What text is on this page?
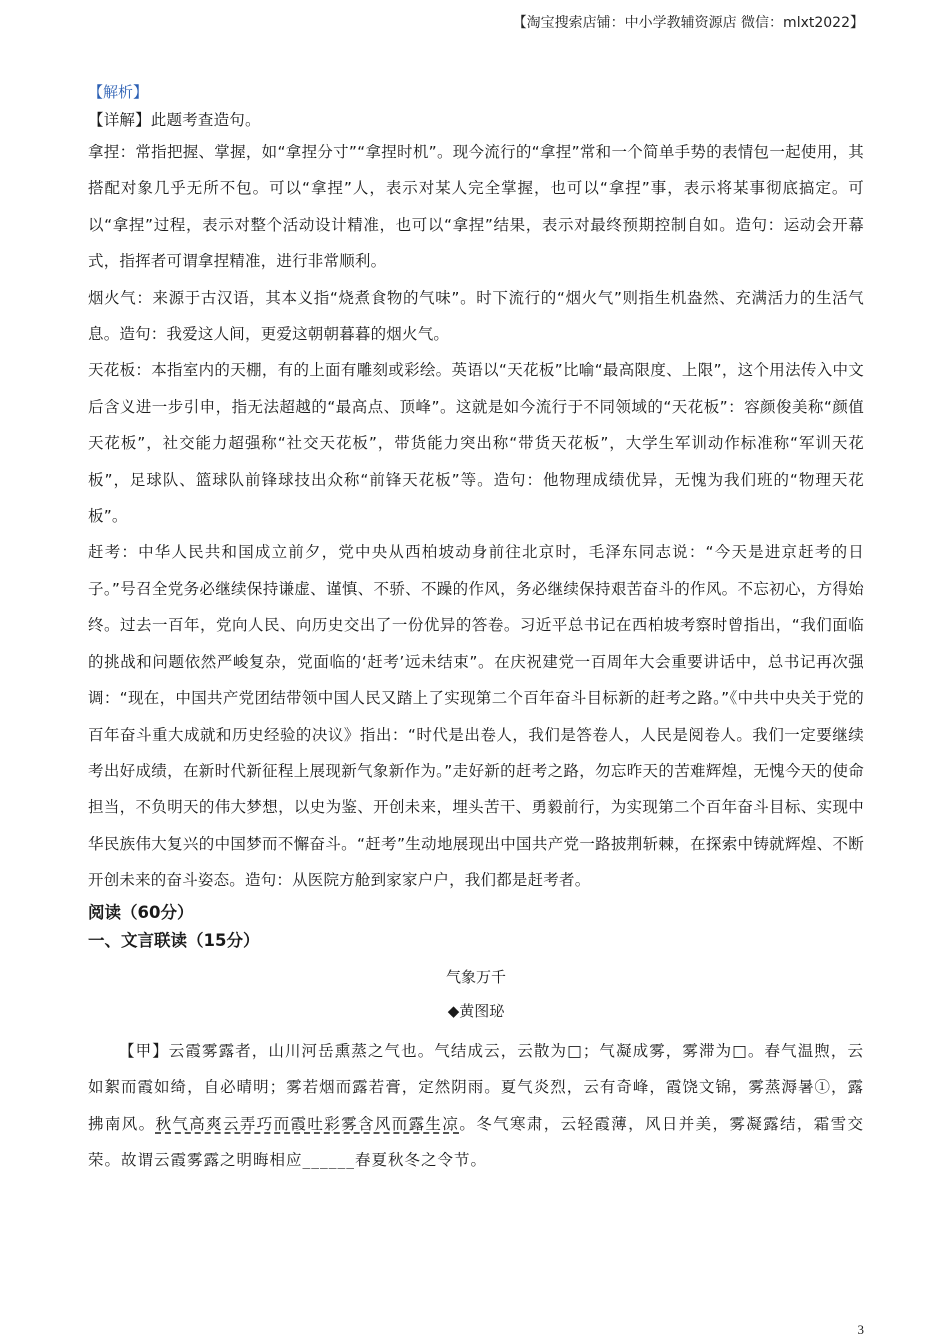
【淘宝搜索店铺：中小学教辅资源店 微信：mlxt2022】
【解析】

【详解】此题考查造句。

拿捏：常指把握、掌握，如“拿捏分寸”“拿捏时机”。现今流行的“拿捏”常和一个简单手势的表情包一起使用，其搭配对象几乎无所不包。可以“拿捏”人，表示对某人完全掌握，也可以“拿捏”事，表示将某事彻底搞定。可以“拿捏”过程，表示对整个活动设计精准，也可以“拿捏”结果，表示对最终预期控制自如。造句：运动会开幕式，指挥者可谓拿捏精准，进行非常顺利。

烟火气：来源于古汉语，其本义指“烧煮食物的气味”。时下流行的“烟火气”则指生机盎然、充满活力的生活气息。造句：我爱这人间，更爱这朝朝暮暮的烟火气。

天花板：本指室内的天棚，有的上面有雕刻或彩绘。英语以“天花板”比喻“最高限度、上限”，这个用法传入中文后含义进一步引申，指无法超越的“最高点、顶峰”。这就是如今流行于不同领域的“天花板”：容颜俊美称“颜值天花板”，社交能力超强称“社交天花板”，带货能力突出称“带货天花板”，大学生军训动作标准称“军训天花板”，足球队、篮球队前锋球技出众称“前锋天花板”等。造句：他物理成绩优异，无愧为我们班的“物理天花板”。

赶考：中华人民共和国成立前夕，党中央从西柏坡动身前往北京时，毛泽东同志说：“今天是进京赶考的日子。”号召全党务必继续保持谦虚、谨慎、不骄、不躁的作风，务必继续保持艰苦奋斗的作风。不忘初心，方得始终。过去一百年，党向人民、向历史交出了一份优异的答卷。习近平总书记在西柏坡考察时曾指出，“我们面临的挑战和问题依然严峻复杂，党面临的‘赶考’远未结束”。在庆祝建党一百周年大会重要讲话中，总书记再次强调：“现在，中国共产党团结带领中国人民又踏上了实现第二个百年奋斗目标新的赶考之路。”《中共中央关于党的百年奋斗重大成就和历史经验的决议》指出：“时代是出卷人，我们是答卷人，人民是阅卷人。我们一定要继续考出好成绩，在新时代新征程上展现新气象新作为。”走好新的赶考之路，勿忘昨天的苦难辉煌，无愧今天的使命担当，不负明天的伟大梦想，以史为鉴、开创未来，埋头苦干、勇毅前行，为实现第二个百年奋斗目标、实现中华民族伟大复兴的中国梦而不懈奋斗。“赶考”生动地展现出中国共产党一路披荆斩棘，在探索中铸就辉煌、不断开创未来的奋斗姿态。造句：从医院方舱到家家户户，我们都是赶考者。

阅读（60分）

一、文言联读（15分）

气象万千
◆黄图珌

【甲】云霞雾露者，山川河岳熏蒸之气也。气结成云，云散为□；气凝成雾，雾滞为□。春气温煦，云如絮而霞如绮，自必晴明；雾若烟而露若膏，定然阴雨。夏气炎烈，云有奇峰，霞饶文锦，雾蒸溽暑①，露拂南风。秋气高爽云弄巧而霞吐彩雾含风而露生凉。冬气寒肃，云轻霞薄，风日并美，雾凝露结，霜雪交荣。故谓云霞雾露之明晦相应______春夏秋冬之令节。

3
